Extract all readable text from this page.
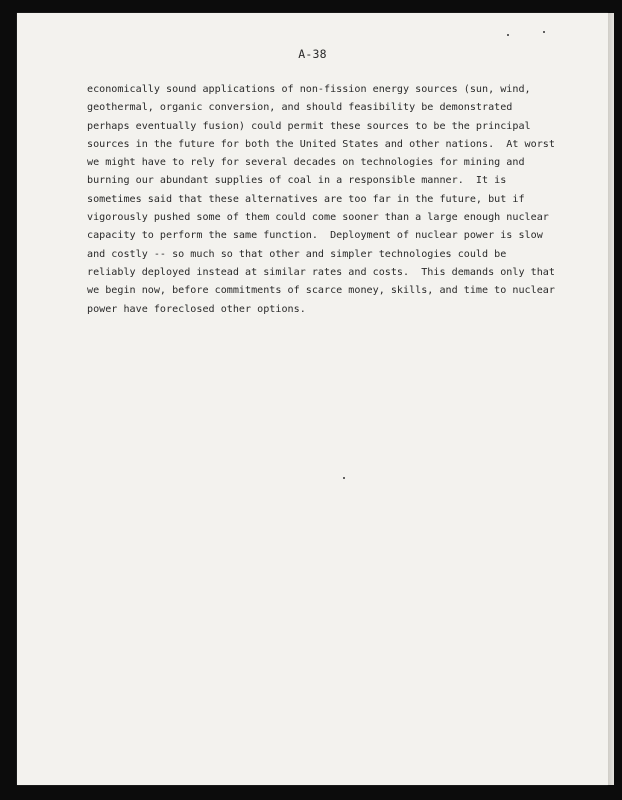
A-38

economically sound applications of non-fission energy sources (sun, wind,
geothermal, organic conversion, and should feasibility be demonstrated
perhaps eventually fusion) could permit these sources to be the principal
sources in the future for both the United States and other nations.  At worst
we might have to rely for several decades on technologies for mining and
burning our abundant supplies of coal in a responsible manner.  It is
sometimes said that these alternatives are too far in the future, but if
vigorously pushed some of them could come sooner than a large enough nuclear
capacity to perform the same function.  Deployment of nuclear power is slow
and costly -- so much so that other and simpler technologies could be
reliably deployed instead at similar rates and costs.  This demands only that
we begin now, before commitments of scarce money, skills, and time to nuclear
power have foreclosed other options.
